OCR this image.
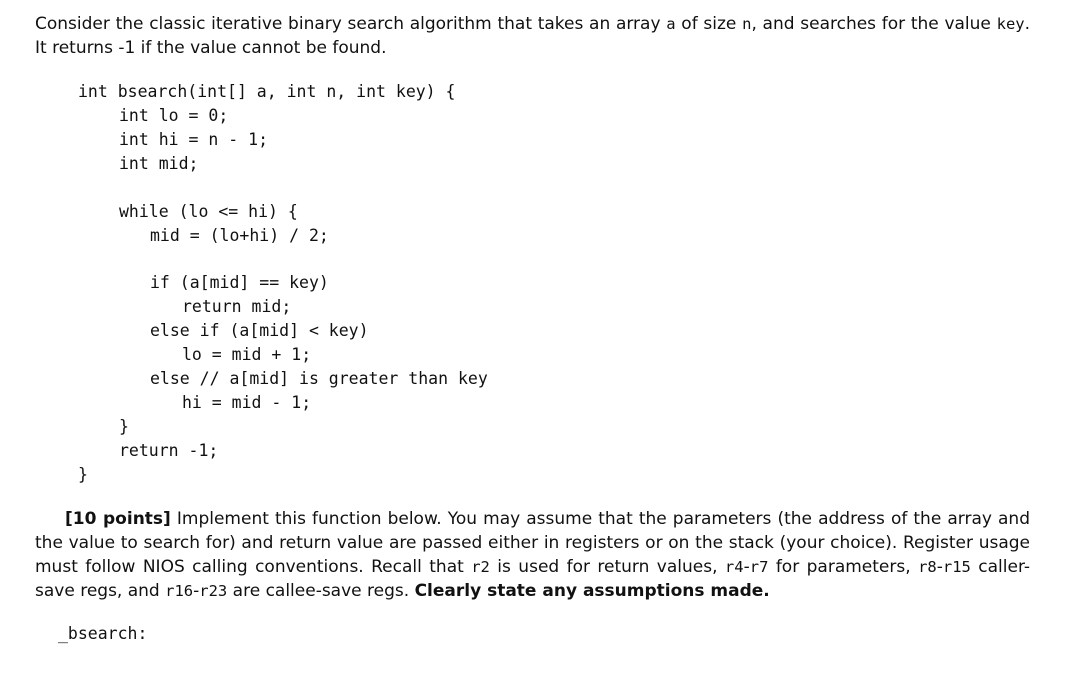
Consider the classic iterative binary search algorithm that takes an array a of size n, and searches for the value key. It returns -1 if the value cannot be found.

int bsearch(int[] a, int n, int key) {
int lo = 0;
int hi = n - 1;
int mid;
while (lo <= hi) {
mid = (lo+hi) / 2;
if (a[mid] == key)
return mid;
else if (a[mid] < key)
lo = mid + 1;
else // a[mid] is greater than key
hi = mid - 1;
}
return -1;
}

[10 points] Implement this function below. You may assume that the parameters (the address of the array and the value to search for) and return value are passed either in registers or on the stack (your choice). Register usage must follow NIOS calling conventions. Recall that r2 is used for return values, r4-r7 for parameters, r8-r15 caller-save regs, and r16-r23 are callee-save regs. Clearly state any assumptions made.

_bsearch:
